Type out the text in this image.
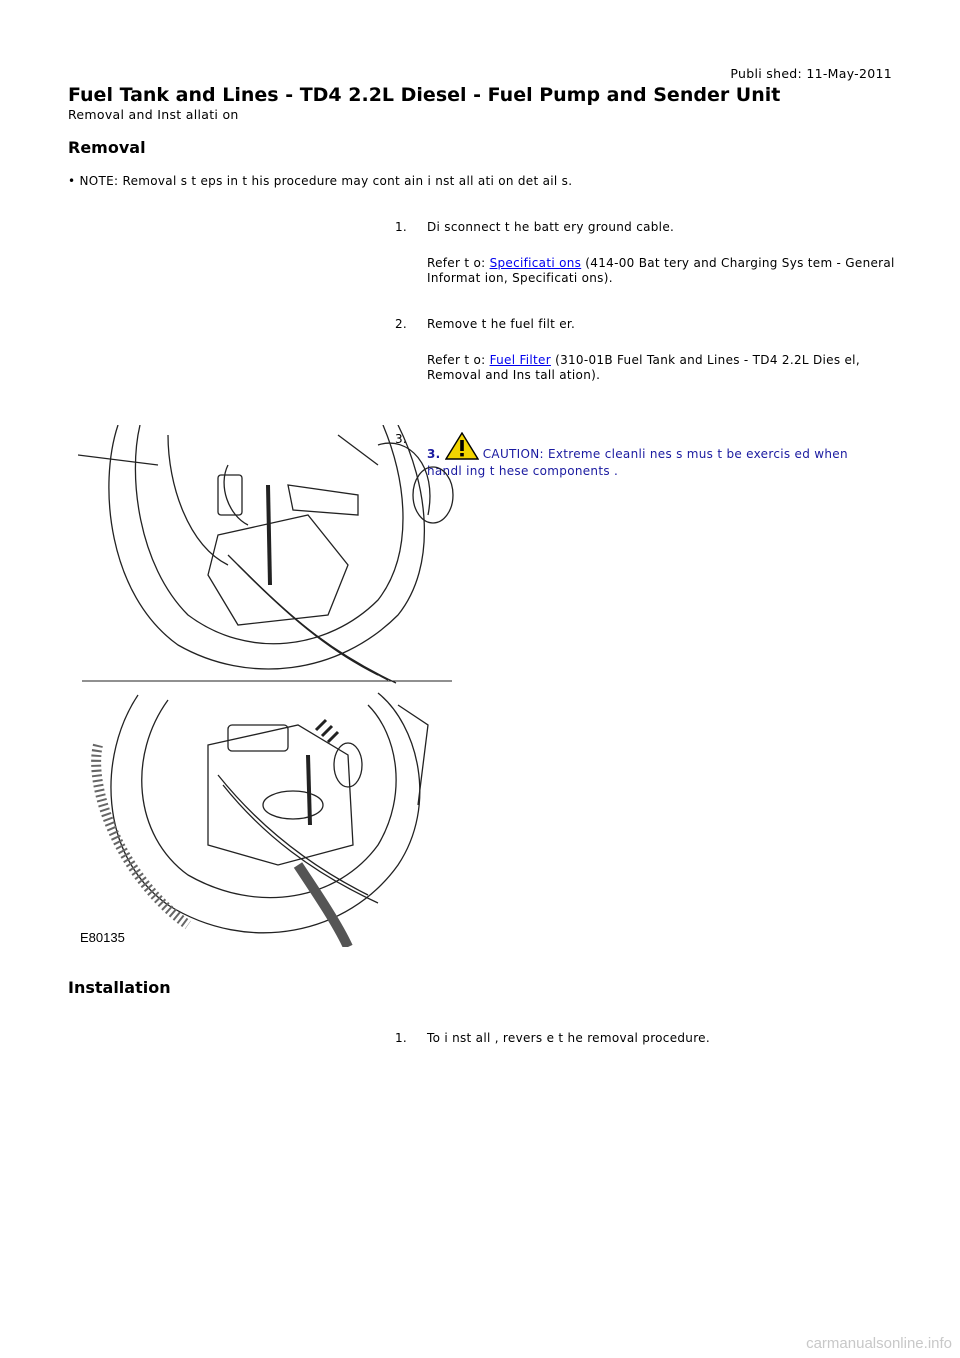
Publi shed: 11-May-2011
Fuel Tank and Lines - TD4 2.2L Diesel - Fuel Pump and Sender Unit
Removal and Inst allati on
Removal
• NOTE: Removal s t eps in t his procedure may cont ain i nst all ati on det ail s.
1.	Di sconnect t he batt ery ground cable.
Refer t o: Specificati ons (414-00 Bat tery and Charging Sys tem - General Informat ion, Specificati ons).
2.	Remove t he fuel filt er.
Refer t o: Fuel Filter (310-01B Fuel Tank and Lines - TD4 2.2L Dies el, Removal and Ins tall ation).
3.
3.	CAUTION: Extreme cleanli nes s mus t be exercis ed when handl ing t hese components .
E80135
Installation
1.	To i nst all , revers e t he removal procedure.
carmanualsonline.info
